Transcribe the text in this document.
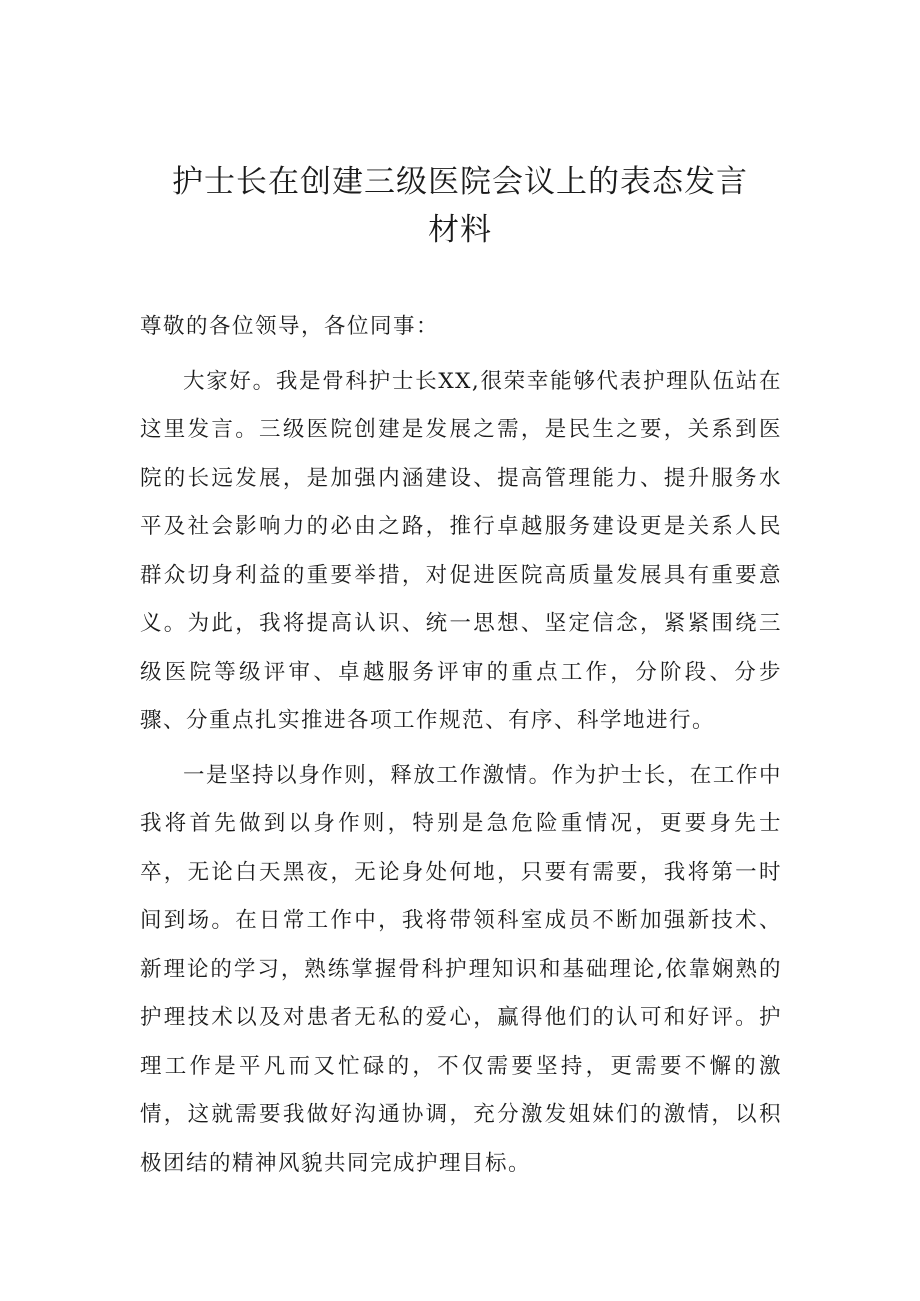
护士长在创建三级医院会议上的表态发言
材料

尊敬的各位领导，各位同事：

大家好。我是骨科护士长XX,很荣幸能够代表护理队伍站在这里发言。三级医院创建是发展之需，是民生之要，关系到医院的长远发展，是加强内涵建设、提高管理能力、提升服务水平及社会影响力的必由之路，推行卓越服务建设更是关系人民群众切身利益的重要举措，对促进医院高质量发展具有重要意义。为此，我将提高认识、统一思想、坚定信念，紧紧围绕三级医院等级评审、卓越服务评审的重点工作，分阶段、分步骤、分重点扎实推进各项工作规范、有序、科学地进行。

一是坚持以身作则，释放工作激情。作为护士长，在工作中我将首先做到以身作则，特别是急危险重情况，更要身先士卒，无论白天黑夜，无论身处何地，只要有需要，我将第一时间到场。在日常工作中，我将带领科室成员不断加强新技术、新理论的学习，熟练掌握骨科护理知识和基础理论,依靠娴熟的护理技术以及对患者无私的爱心，赢得他们的认可和好评。护理工作是平凡而又忙碌的，不仅需要坚持，更需要不懈的激情，这就需要我做好沟通协调，充分激发姐妹们的激情，以积极团结的精神风貌共同完成护理目标。
